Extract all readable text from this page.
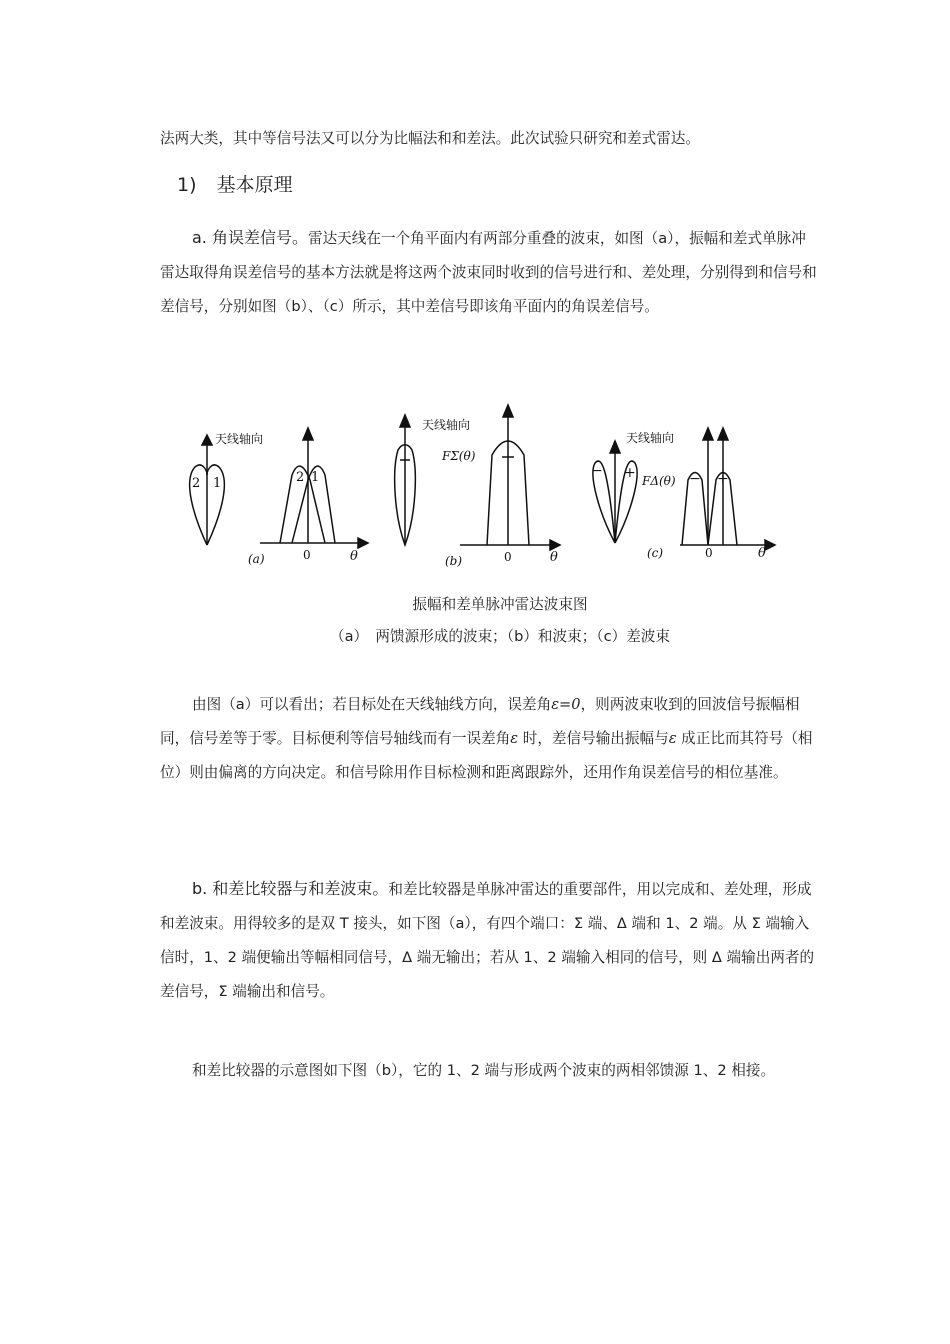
法两大类，其中等信号法又可以分为比幅法和和差法。此次试验只研究和差式雷达。

1) 基本原理

a. 角误差信号。雷达天线在一个角平面内有两部分重叠的波束，如图（a），振幅和差式单脉冲雷达取得角误差信号的基本方法就是将这两个波束同时收到的信号进行和、差处理，分别得到和信号和差信号，分别如图（b）、（c）所示，其中差信号即该角平面内的角误差信号。

天线轴向
2 1	2 1
0
(a)	θ
天线轴向
FΣ(θ)
0
(b)	θ
天线轴向
− + FΔ(θ) − +
0
(c)	θ
振幅和差单脉冲雷达波束图
（a）　两馈源形成的波束；（b）和波束；（c）差波束

由图（a）可以看出；若目标处在天线轴线方向，误差角ε=0，则两波束收到的回波信号振幅相同，信号差等于零。目标便利等信号轴线而有一误差角ε 时，差信号输出振幅与ε 成正比而其符号（相位）则由偏离的方向决定。和信号除用作目标检测和距离跟踪外，还用作角误差信号的相位基准。

b. 和差比较器与和差波束。和差比较器是单脉冲雷达的重要部件，用以完成和、差处理，形成和差波束。用得较多的是双 T 接头，如下图（a），有四个端口：Σ 端、Δ 端和 1、2 端。从 Σ 端输入信时，1、2 端便输出等幅相同信号，Δ 端无输出；若从 1、2 端输入相同的信号，则 Δ 端输出两者的差信号，Σ 端输出和信号。

和差比较器的示意图如下图（b），它的 1、2 端与形成两个波束的两相邻馈源 1、2 相接。
